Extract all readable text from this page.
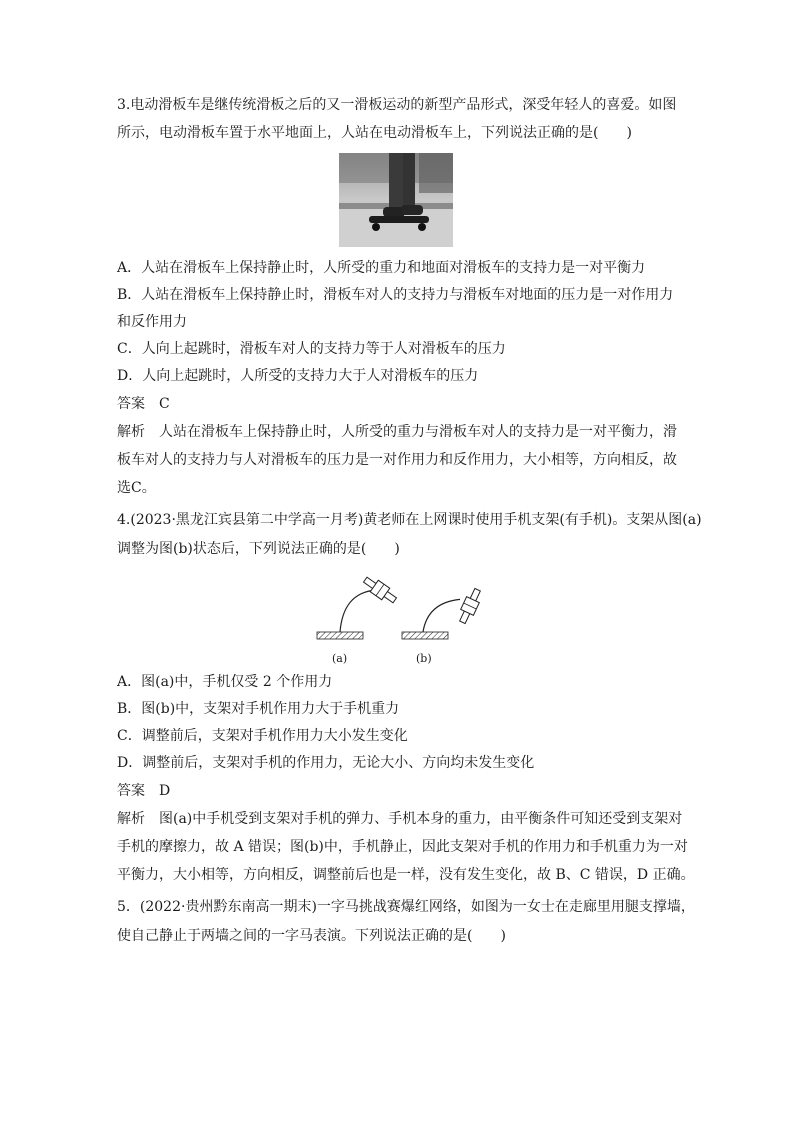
3.电动滑板车是继传统滑板之后的又一滑板运动的新型产品形式，深受年轻人的喜爱。如图
所示，电动滑板车置于水平地面上，人站在电动滑板车上，下列说法正确的是(　　)
A．人站在滑板车上保持静止时，人所受的重力和地面对滑板车的支持力是一对平衡力
B．人站在滑板车上保持静止时，滑板车对人的支持力与滑板车对地面的压力是一对作用力
和反作用力
C．人向上起跳时，滑板车对人的支持力等于人对滑板车的压力
D．人向上起跳时，人所受的支持力大于人对滑板车的压力
答案　C
解析　人站在滑板车上保持静止时，人所受的重力与滑板车对人的支持力是一对平衡力，滑
板车对人的支持力与人对滑板车的压力是一对作用力和反作用力，大小相等，方向相反，故
选C。
4.(2023·黑龙江宾县第二中学高一月考)黄老师在上网课时使用手机支架(有手机)。支架从图(a)
调整为图(b)状态后，下列说法正确的是(　　)
(a)	(b)
A．图(a)中，手机仅受 2 个作用力
B．图(b)中，支架对手机作用力大于手机重力
C．调整前后，支架对手机作用力大小发生变化
D．调整前后，支架对手机的作用力，无论大小、方向均未发生变化
答案　D
解析　图(a)中手机受到支架对手机的弹力、手机本身的重力，由平衡条件可知还受到支架对
手机的摩擦力，故 A 错误；图(b)中，手机静止，因此支架对手机的作用力和手机重力为一对
平衡力，大小相等，方向相反，调整前后也是一样，没有发生变化，故 B、C 错误，D 正确。
5．(2022·贵州黔东南高一期末)一字马挑战赛爆红网络，如图为一女士在走廊里用腿支撑墙，
使自己静止于两墙之间的一字马表演。下列说法正确的是(　　)
